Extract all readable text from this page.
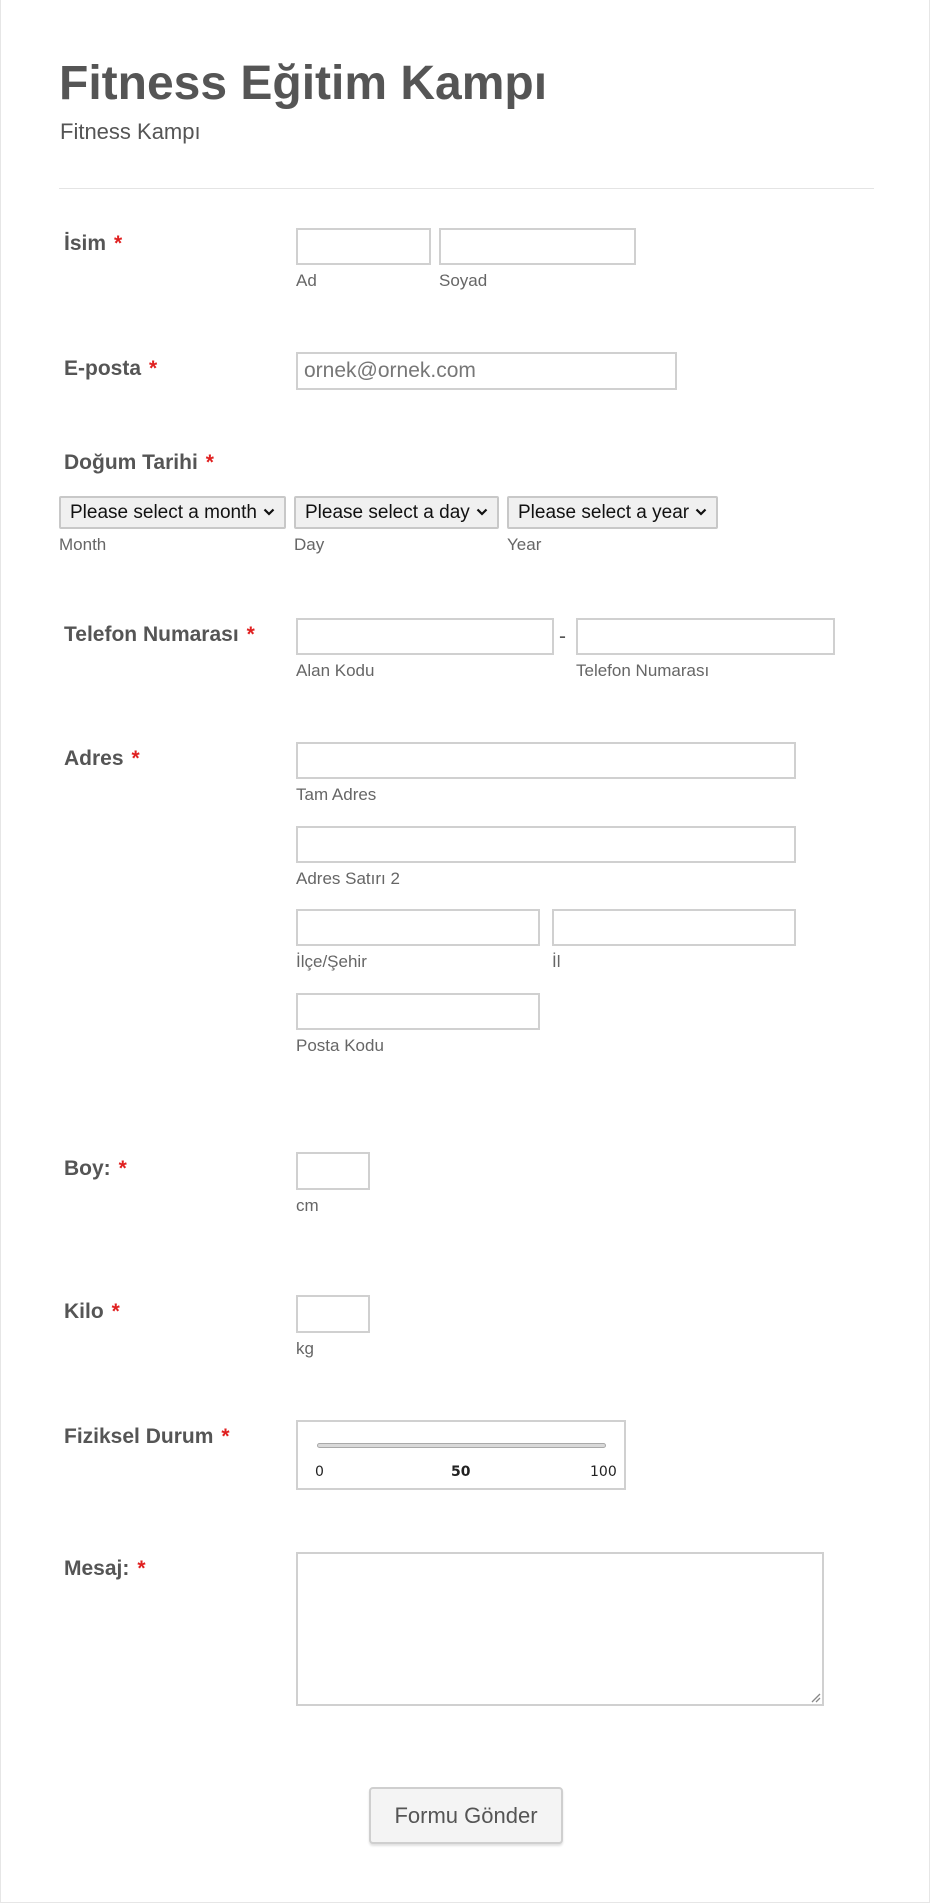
Fitness Eğitim Kampı
Fitness Kampı
İsim *
Ad	Soyad
E-posta *
ornek@ornek.com
Doğum Tarihi *
Please select a month
Month
Please select a day
Day
Please select a year
Year
Telefon Numarası *
Alan Kodu
-
Telefon Numarası
Adres *
Tam Adres
Adres Satırı 2
İlçe/Şehir	İl
Posta Kodu
Boy: *
cm
Kilo *
kg
Fiziksel Durum *
0	50	100
Mesaj: *
Formu Gönder
